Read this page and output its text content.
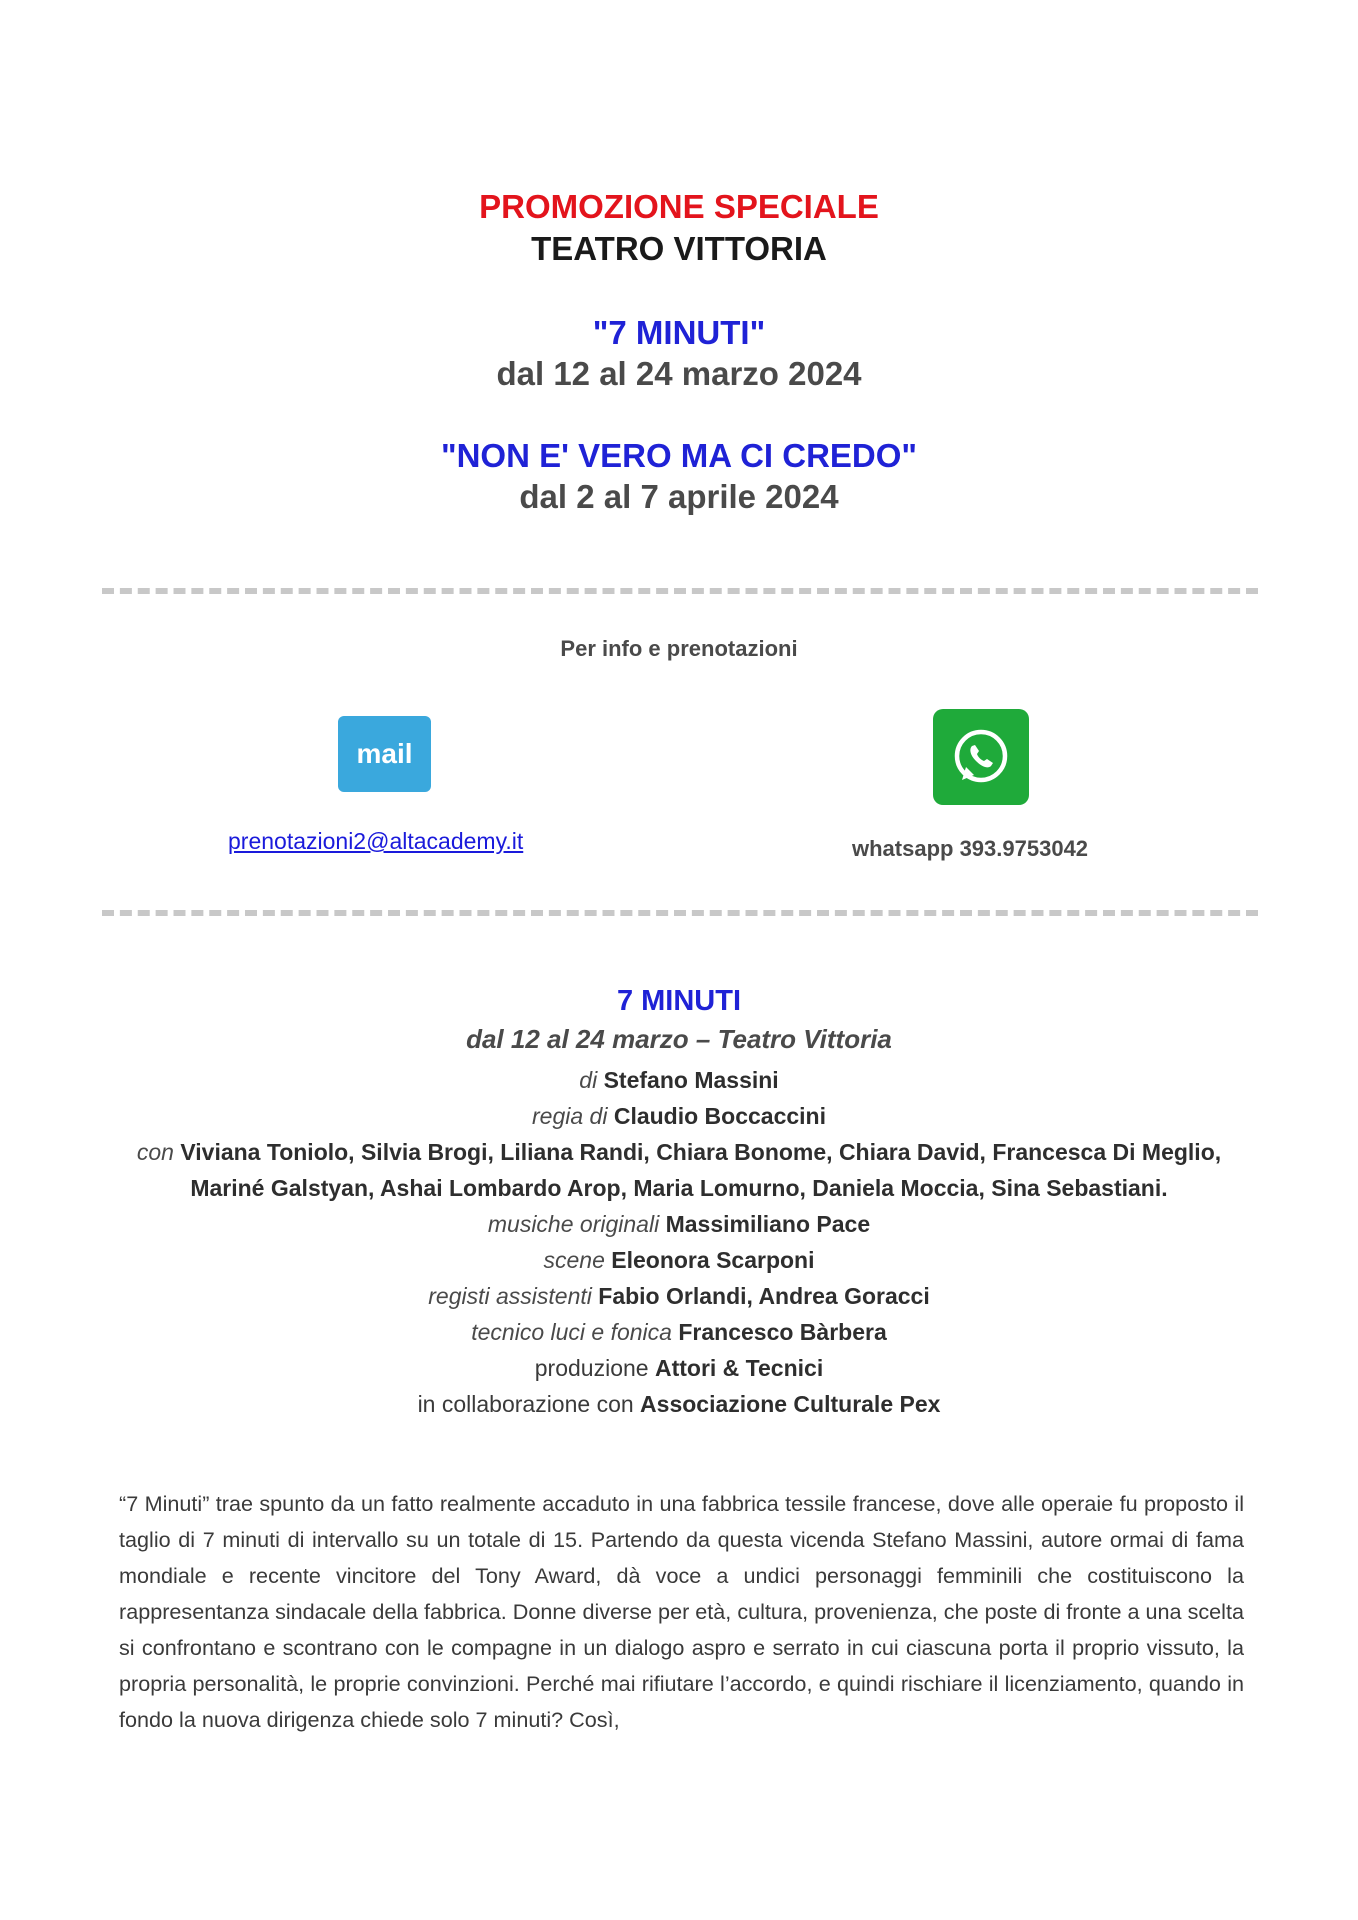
PROMOZIONE SPECIALE
TEATRO VITTORIA
"7 MINUTI"
dal 12 al 24 marzo 2024
"NON E' VERO MA CI CREDO"
dal 2 al 7 aprile 2024
Per info e prenotazioni
mail
prenotazioni2@altacademy.it	whatsapp 393.9753042
7 MINUTI
dal 12 al 24 marzo – Teatro Vittoria
di Stefano Massini
regia di Claudio Boccaccini
con Viviana Toniolo, Silvia Brogi, Liliana Randi, Chiara Bonome, Chiara David, Francesca Di Meglio, Mariné Galstyan, Ashai Lombardo Arop, Maria Lomurno, Daniela Moccia, Sina Sebastiani.
musiche originali Massimiliano Pace
scene Eleonora Scarponi
registi assistenti Fabio Orlandi, Andrea Goracci
tecnico luci e fonica Francesco Bàrbera
produzione Attori & Tecnici
in collaborazione con Associazione Culturale Pex
“7 Minuti” trae spunto da un fatto realmente accaduto in una fabbrica tessile francese, dove alle operaie fu proposto il taglio di 7 minuti di intervallo su un totale di 15. Partendo da questa vicenda Stefano Massini, autore ormai di fama mondiale e recente vincitore del Tony Award, dà voce a undici personaggi femminili che costituiscono la rappresentanza sindacale della fabbrica. Donne diverse per età, cultura, provenienza, che poste di fronte a una scelta si confrontano e scontrano con le compagne in un dialogo aspro e serrato in cui ciascuna porta il proprio vissuto, la propria personalità, le proprie convinzioni. Perché mai rifiutare l’accordo, e quindi rischiare il licenziamento, quando in fondo la nuova dirigenza chiede solo 7 minuti? Così,
